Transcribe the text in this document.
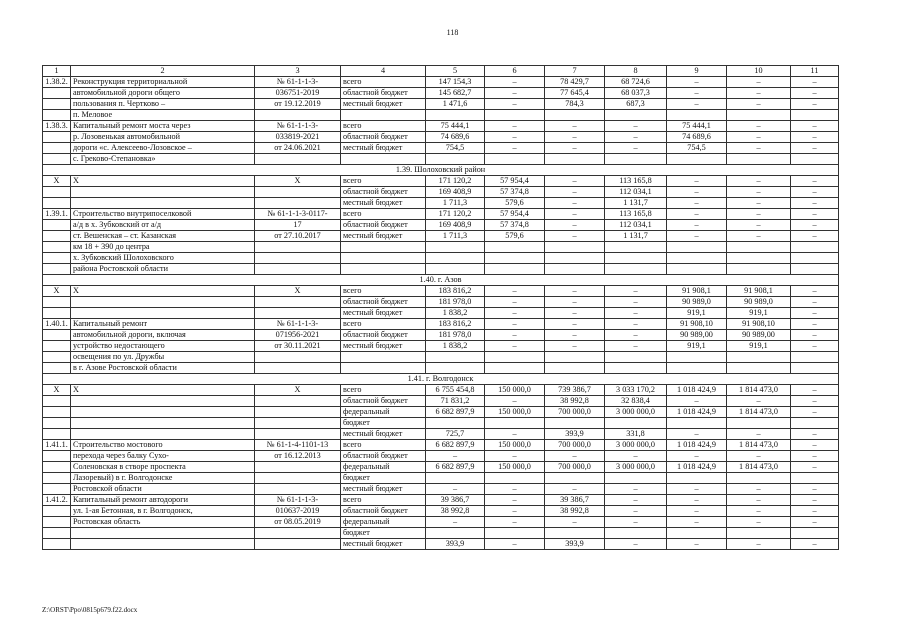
118
1	2	3	4	5	6	7	8	9	10	11
1.38.2.	Реконструкция территориальной	№ 61-1-1-3-	всего	147 154,3	–	78 429,7	68 724,6	–	–	–
	автомобильной дороги общего	036751-2019	областной бюджет	145 682,7	–	77 645,4	68 037,3	–	–	–
	пользования п. Чертково –	от 19.12.2019	местный бюджет	1 471,6	–	784,3	687,3	–	–	–
	п. Меловое									
1.38.3.	Капитальный ремонт моста через	№ 61-1-1-3-	всего	75 444,1	–	–	–	75 444,1	–	–
	р. Лозовенькая автомобильной	033819-2021	областной бюджет	74 689,6	–	–	–	74 689,6	–	–
	дороги «с. Алексеево-Лозовское –	от 24.06.2021	местный бюджет	754,5	–	–	–	754,5	–	–
	с. Греково-Степановка»									
1.39. Шолоховский район										
Х	Х	Х	всего	171 120,2	57 954,4	–	113 165,8	–	–	–
			областной бюджет	169 408,9	57 374,8	–	112 034,1	–	–	–
			местный бюджет	1 711,3	579,6	–	1 131,7	–	–	–
1.39.1.	Строительство внутрипоселковой	№ 61-1-1-3-0117-	всего	171 120,2	57 954,4	–	113 165,8	–	–	–
	а/д в х. Зубковский от а/д	17	областной бюджет	169 408,9	57 374,8	–	112 034,1	–	–	–
	ст. Вешенская – ст. Казанская	от 27.10.2017	местный бюджет	1 711,3	579,6	–	1 131,7	–	–	–
	км 18 + 390 до центра									
	х. Зубковский Шолоховского									
	района Ростовской области									
1.40. г. Азов										
Х	Х	Х	всего	183 816,2	–	–	–	91 908,1	91 908,1	–
			областной бюджет	181 978,0	–	–	–	90 989,0	90 989,0	–
			местный бюджет	1 838,2	–	–	–	919,1	919,1	–
1.40.1.	Капитальный ремонт	№ 61-1-1-3-	всего	183 816,2	–	–	–	91 908,10	91 908,10	–
	автомобильной дороги, включая	071956-2021	областной бюджет	181 978,0	–	–	–	90 989,00	90 989,00	–
	устройство недостающего	от 30.11.2021	местный бюджет	1 838,2	–	–	–	919,1	919,1	–
	освещения по ул. Дружбы									
	в г. Азове Ростовской области									
1.41. г. Волгодонск										
Х	Х	Х	всего	6 755 454,8	150 000,0	739 386,7	3 033 170,2	1 018 424,9	1 814 473,0	–
			областной бюджет	71 831,2	–	38 992,8	32 838,4	–	–	–
			федеральный	6 682 897,9	150 000,0	700 000,0	3 000 000,0	1 018 424,9	1 814 473,0	–
			бюджет							
			местный бюджет	725,7	–	393,9	331,8	–	–	–
1.41.1.	Строительство мостового	№ 61-1-4-1101-13	всего	6 682 897,9	150 000,0	700 000,0	3 000 000,0	1 018 424,9	1 814 473,0	–
	перехода через балку Сухо-	от 16.12.2013	областной бюджет	–	–	–	–	–	–	–
	Соленовская в створе проспекта		федеральный	6 682 897,9	150 000,0	700 000,0	3 000 000,0	1 018 424,9	1 814 473,0	–
	Лазоревый) в г. Волгодонске		бюджет							
	Ростовской области		местный бюджет	–	–	–	–	–	–	–
1.41.2.	Капитальный ремонт автодороги	№ 61-1-1-3-	всего	39 386,7	–	39 386,7	–	–	–	–
	ул. 1-ая Бетонная, в г. Волгодонск,	010637-2019	областной бюджет	38 992,8	–	38 992,8	–	–	–	–
	Ростовская область	от 08.05.2019	федеральный	–	–	–	–	–	–	–
			бюджет							
			местный бюджет	393,9	–	393,9	–	–	–	–
Z:\ORST\Ppo\0815p679.f22.docx
